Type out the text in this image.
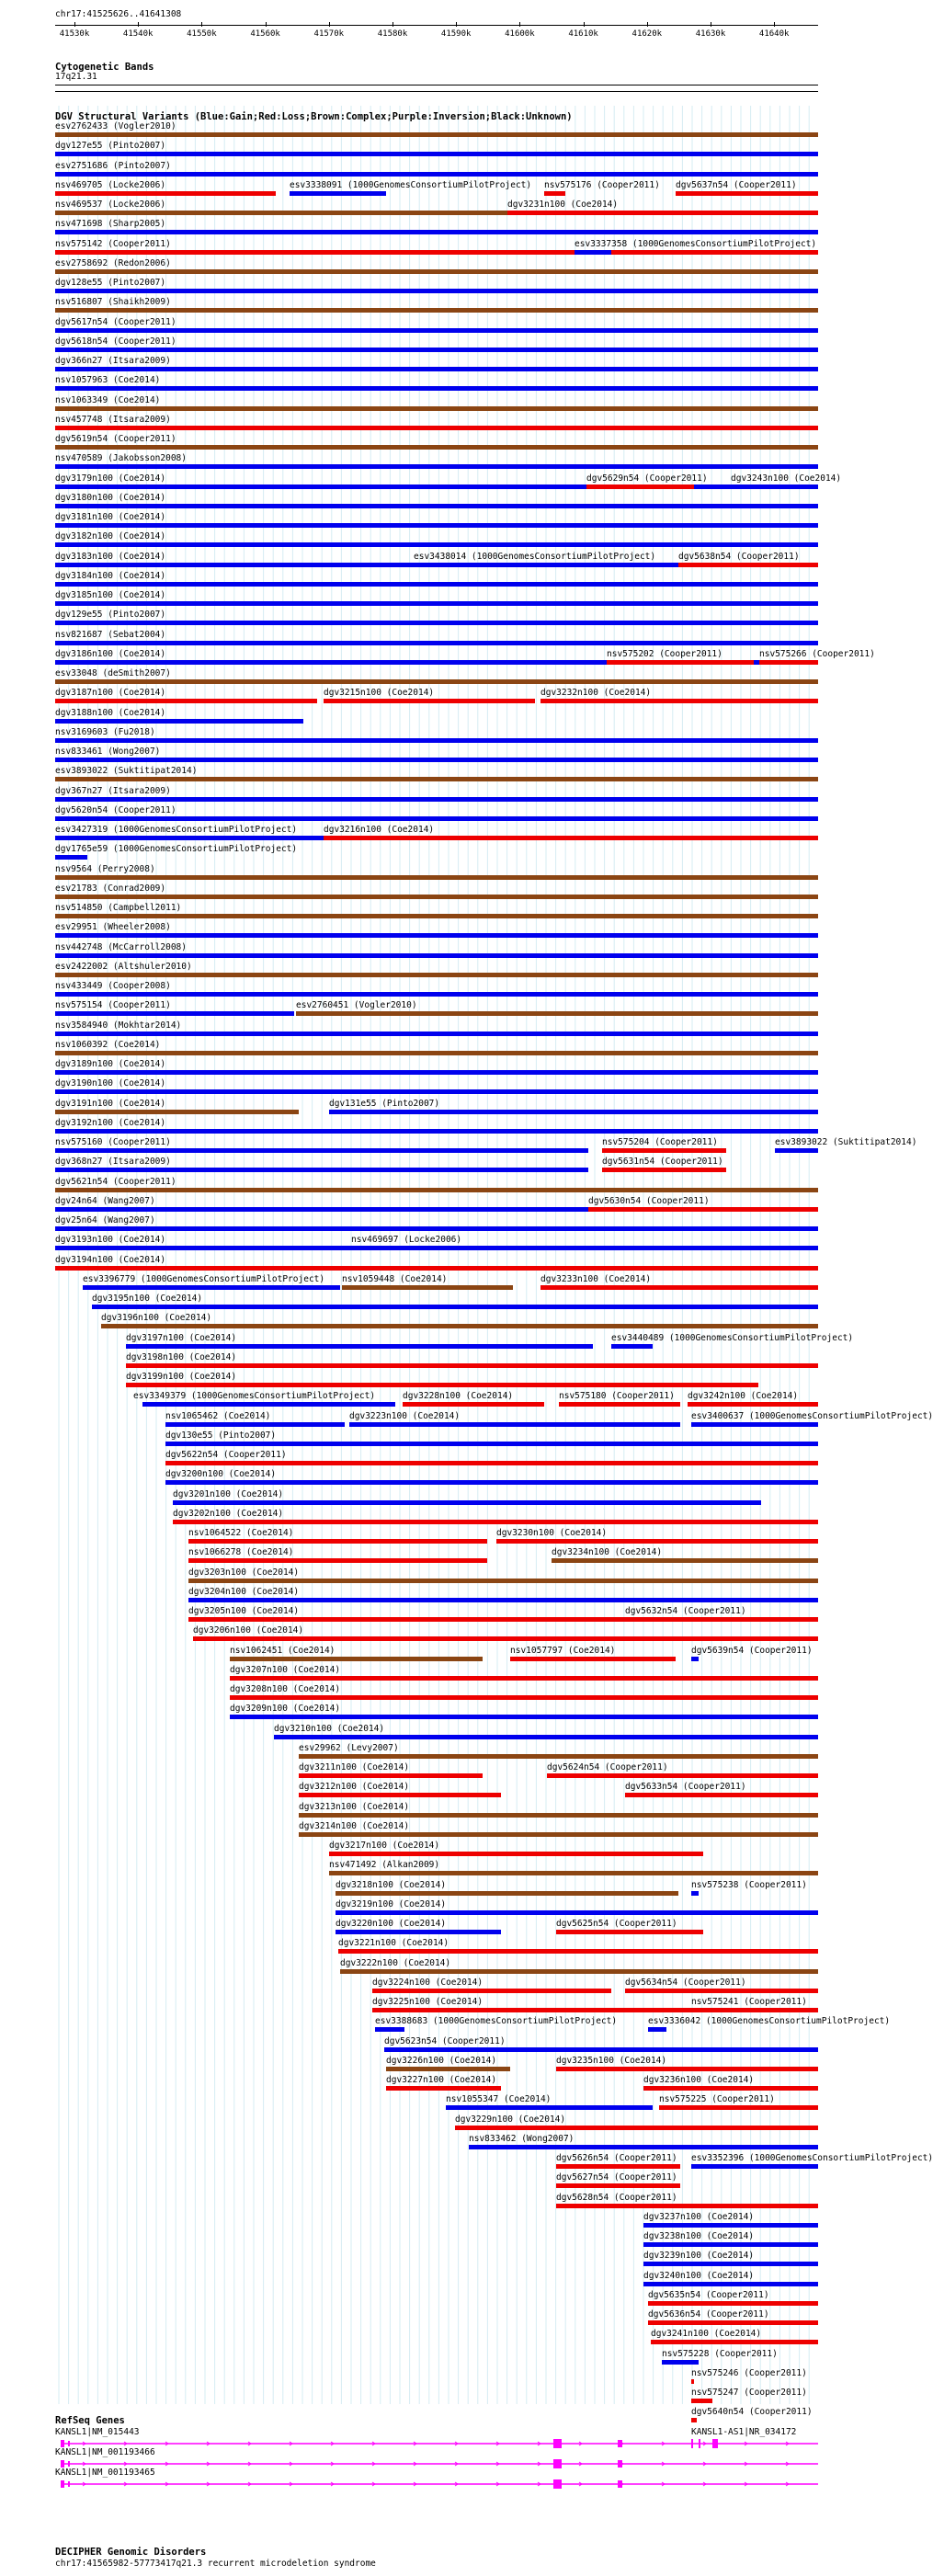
chr17:41525626..41641308
41530k	41540k	41550k	41560k	41570k	41580k	41590k	41600k	41610k	41620k	41630k	41640k
Cytogenetic Bands
17q21.31
DGV Structural Variants (Blue:Gain;Red:Loss;Brown:Complex;Purple:Inversion;Black:Unknown)
esv2762433 (Vogler2010)
dgv127e55 (Pinto2007)
esv2751686 (Pinto2007)
nsv469705 (Locke2006)	esv3338091 (1000GenomesConsortiumPilotProject) nsv575176 (Cooper2011) dgv5637n54 (Cooper2011)
nsv469537 (Locke2006)	dgv3231n100 (Coe2014)
nsv471698 (Sharp2005)
nsv575142 (Cooper2011)	esv3337358 (1000GenomesConsortiumPilotProject)
esv2758692 (Redon2006)
dgv128e55 (Pinto2007)
nsv516807 (Shaikh2009)
dgv5617n54 (Cooper2011)
dgv5618n54 (Cooper2011)
dgv366n27 (Itsara2009)
nsv1057963 (Coe2014)
nsv1063349 (Coe2014)
nsv457748 (Itsara2009)
dgv5619n54 (Cooper2011)
nsv470589 (Jakobsson2008)
dgv3179n100 (Coe2014)	dgv5629n54 (Cooper2011)	dgv3243n100 (Coe2014)
dgv3180n100 (Coe2014)
dgv3181n100 (Coe2014)
dgv3182n100 (Coe2014)
dgv3183n100 (Coe2014)	esv3438014 (1000GenomesConsortiumPilotProject)	dgv5638n54 (Cooper2011)
dgv3184n100 (Coe2014)
dgv3185n100 (Coe2014)
dgv129e55 (Pinto2007)
nsv821687 (Sebat2004)
dgv3186n100 (Coe2014)	nsv575202 (Cooper2011)	nsv575266 (Cooper2011)
esv33048 (deSmith2007)
dgv3187n100 (Coe2014)	dgv3215n100 (Coe2014)	dgv3232n100 (Coe2014)
dgv3188n100 (Coe2014)
nsv3169603 (Fu2018)
nsv833461 (Wong2007)
esv3893022 (Suktitipat2014)
dgv367n27 (Itsara2009)
dgv5620n54 (Cooper2011)
esv3427319 (1000GenomesConsortiumPilotProject)	dgv3216n100 (Coe2014)
dgv1765e59 (1000GenomesConsortiumPilotProject)
nsv9564 (Perry2008)
esv21783 (Conrad2009)
nsv514850 (Campbell2011)
esv29951 (Wheeler2008)
nsv442748 (McCarroll2008)
esv2422002 (Altshuler2010)
nsv433449 (Cooper2008)
nsv575154 (Cooper2011)	esv2760451 (Vogler2010)
nsv3584940 (Mokhtar2014)
nsv1060392 (Coe2014)
dgv3189n100 (Coe2014)
dgv3190n100 (Coe2014)
dgv3191n100 (Coe2014)	dgv131e55 (Pinto2007)
dgv3192n100 (Coe2014)
nsv575160 (Cooper2011)	nsv575204 (Cooper2011)	esv3893022 (Suktitipat2014)
dgv368n27 (Itsara2009)	dgv5631n54 (Cooper2011)
dgv5621n54 (Cooper2011)
dgv24n64 (Wang2007)	dgv5630n54 (Cooper2011)
dgv25n64 (Wang2007)
dgv3193n100 (Coe2014)	nsv469697 (Locke2006)
dgv3194n100 (Coe2014)
esv3396779 (1000GenomesConsortiumPilotProject) nsv1059448 (Coe2014)	dgv3233n100 (Coe2014)
dgv3195n100 (Coe2014)
dgv3196n100 (Coe2014)
dgv3197n100 (Coe2014)	esv3440489 (1000GenomesConsortiumPilotProject)
dgv3198n100 (Coe2014)
dgv3199n100 (Coe2014)
esv3349379 (1000GenomesConsortiumPilotProject)	dgv3228n100 (Coe2014)	nsv575180 (Cooper2011) dgv3242n100 (Coe2014)
nsv1065462 (Coe2014)	dgv3223n100 (Coe2014)	esv3400637 (1000GenomesConsortiumPilotProject)
dgv130e55 (Pinto2007)
dgv5622n54 (Cooper2011)
dgv3200n100 (Coe2014)
dgv3201n100 (Coe2014)
dgv3202n100 (Coe2014)
nsv1064522 (Coe2014)	dgv3230n100 (Coe2014)
nsv1066278 (Coe2014)	dgv3234n100 (Coe2014)
dgv3203n100 (Coe2014)
dgv3204n100 (Coe2014)
dgv3205n100 (Coe2014)	dgv5632n54 (Cooper2011)
dgv3206n100 (Coe2014)
nsv1062451 (Coe2014)	nsv1057797 (Coe2014)	dgv5639n54 (Cooper2011)
dgv3207n100 (Coe2014)
dgv3208n100 (Coe2014)
dgv3209n100 (Coe2014)
dgv3210n100 (Coe2014)
esv29962 (Levy2007)
dgv3211n100 (Coe2014)	dgv5624n54 (Cooper2011)
dgv3212n100 (Coe2014)	dgv5633n54 (Cooper2011)
dgv3213n100 (Coe2014)
dgv3214n100 (Coe2014)
dgv3217n100 (Coe2014)
nsv471492 (Alkan2009)
dgv3218n100 (Coe2014)	nsv575238 (Cooper2011)
dgv3219n100 (Coe2014)
dgv3220n100 (Coe2014)	dgv5625n54 (Cooper2011)
dgv3221n100 (Coe2014)
dgv3222n100 (Coe2014)
dgv3224n100 (Coe2014)	dgv5634n54 (Cooper2011)
dgv3225n100 (Coe2014)	nsv575241 (Cooper2011)
esv3388683 (1000GenomesConsortiumPilotProject)	esv3336042 (1000GenomesConsortiumPilotProject)
dgv5623n54 (Cooper2011)
dgv3226n100 (Coe2014)	dgv3235n100 (Coe2014)
dgv3227n100 (Coe2014)	dgv3236n100 (Coe2014)
nsv1055347 (Coe2014)	nsv575225 (Cooper2011)
dgv3229n100 (Coe2014)
nsv833462 (Wong2007)
dgv5626n54 (Cooper2011) esv3352396 (1000GenomesConsortiumPilotProject)
dgv5627n54 (Cooper2011)
dgv5628n54 (Cooper2011)
dgv3237n100 (Coe2014)
dgv3238n100 (Coe2014)
dgv3239n100 (Coe2014)
dgv3240n100 (Coe2014)
dgv5635n54 (Cooper2011)
dgv5636n54 (Cooper2011)
dgv3241n100 (Coe2014)
nsv575228 (Cooper2011)
nsv575246 (Cooper2011)
nsv575247 (Cooper2011)
dgv5640n54 (Cooper2011)
RefSeq Genes
KANSL1|NM_015443	KANSL1-AS1|NR_034172
KANSL1|NM_001193466
KANSL1|NM_001193465
DECIPHER Genomic Disorders
chr17:41565982-57773417q21.3 recurrent microdeletion syndrome
